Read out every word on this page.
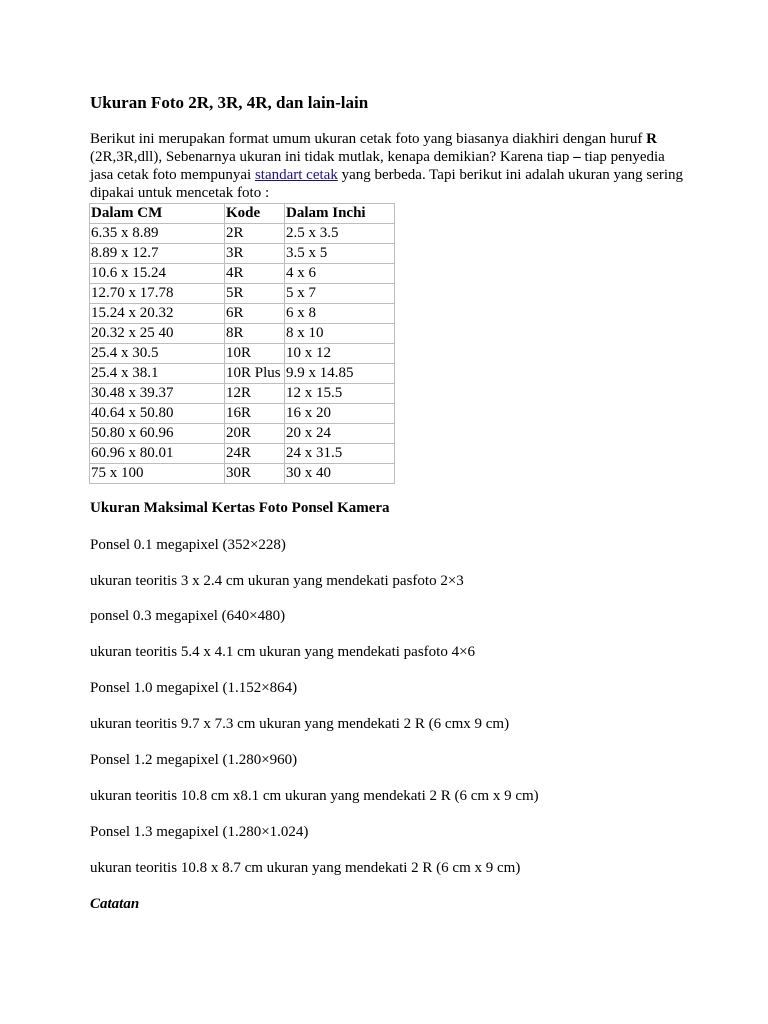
Ukuran Foto 2R, 3R, 4R, dan lain-lain

Berikut ini merupakan format umum ukuran cetak foto yang biasanya diakhiri dengan huruf R (2R,3R,dll), Sebenarnya ukuran ini tidak mutlak, kenapa demikian? Karena tiap – tiap penyedia jasa cetak foto mempunyai standart cetak yang berbeda. Tapi berikut ini adalah ukuran yang sering dipakai untuk mencetak foto :

Dalam CM	Kode	Dalam Inchi
6.35 x 8.89	2R	2.5 x 3.5
8.89 x 12.7	3R	3.5 x 5
10.6 x 15.24	4R	4 x 6
12.70 x 17.78	5R	5 x 7
15.24 x 20.32	6R	6 x 8
20.32 x 25 40	8R	8 x 10
25.4 x 30.5	10R	10 x 12
25.4 x 38.1	10R Plus	9.9 x 14.85
30.48 x 39.37	12R	12 x 15.5
40.64 x 50.80	16R	16 x 20
50.80 x 60.96	20R	20 x 24
60.96 x 80.01	24R	24 x 31.5
75 x 100	30R	30 x 40
Ukuran Maksimal Kertas Foto Ponsel Kamera

Ponsel 0.1 megapixel (352×228)

ukuran teoritis 3 x 2.4 cm ukuran yang mendekati pasfoto 2×3

ponsel 0.3 megapixel (640×480)

ukuran teoritis 5.4 x 4.1 cm ukuran yang mendekati pasfoto 4×6

Ponsel 1.0 megapixel (1.152×864)

ukuran teoritis 9.7 x 7.3 cm ukuran yang mendekati 2 R (6 cmx 9 cm)

Ponsel 1.2 megapixel (1.280×960)

ukuran teoritis 10.8 cm x8.1 cm ukuran yang mendekati 2 R (6 cm x 9 cm)

Ponsel 1.3 megapixel (1.280×1.024)

ukuran teoritis 10.8 x 8.7 cm ukuran yang mendekati 2 R (6 cm x 9 cm)

Catatan
